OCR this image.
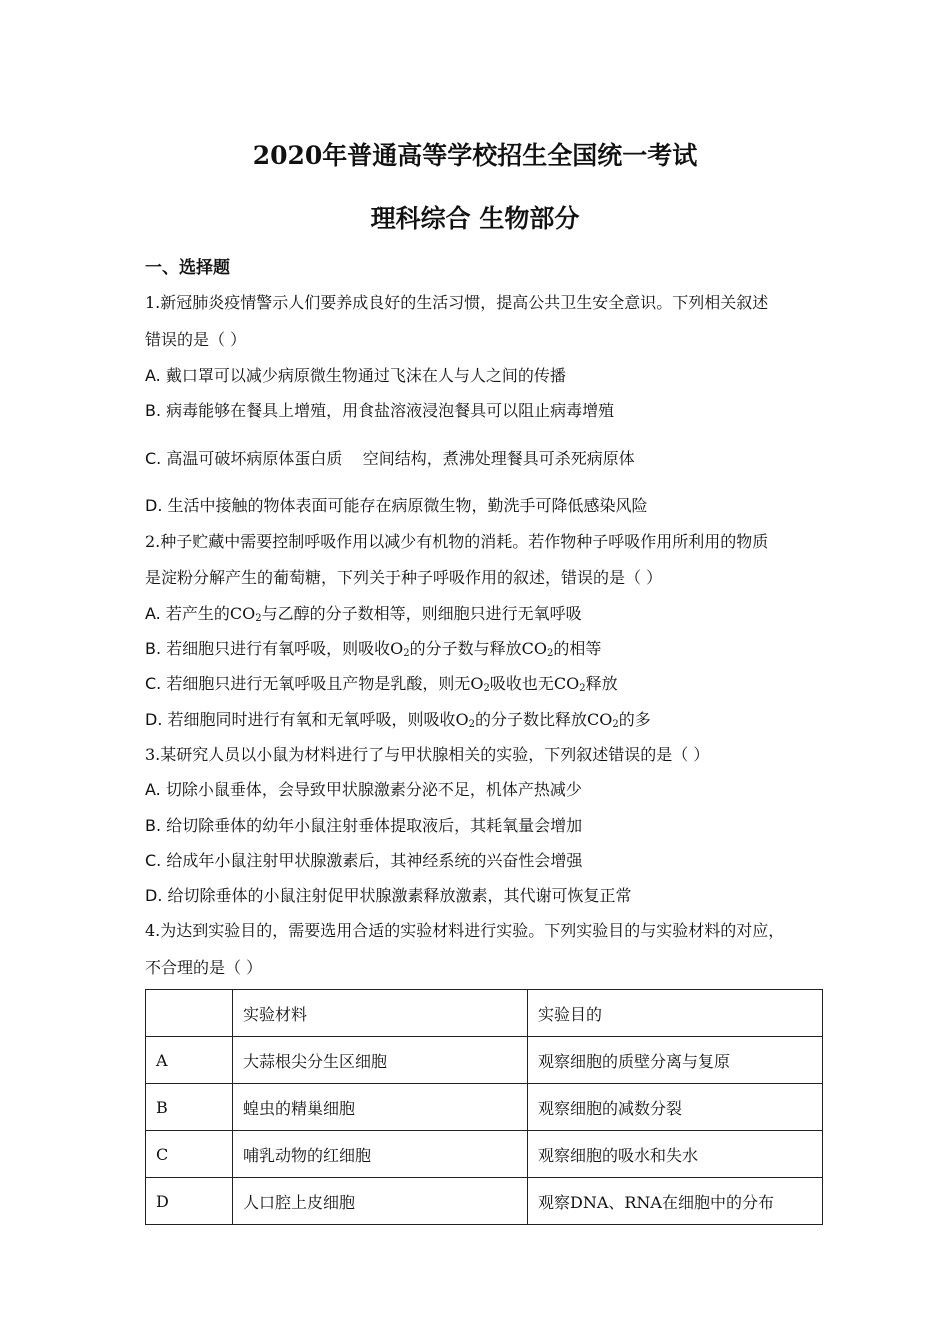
2020年普通高等学校招生全国统一考试
理科综合 生物部分
一、选择题
1.新冠肺炎疫情警示人们要养成良好的生活习惯，提高公共卫生安全意识。下列相关叙述
错误的是（ ）
A. 戴口罩可以减少病原微生物通过飞沫在人与人之间的传播
B. 病毒能够在餐具上增殖，用食盐溶液浸泡餐具可以阻止病毒增殖
C. 高温可破坏病原体蛋白质    空间结构，煮沸处理餐具可杀死病原体
D. 生活中接触的物体表面可能存在病原微生物，勤洗手可降低感染风险
2.种子贮藏中需要控制呼吸作用以减少有机物的消耗。若作物种子呼吸作用所利用的物质
是淀粉分解产生的葡萄糖，下列关于种子呼吸作用的叙述，错误的是（ ）
A. 若产生的$CO_2$与乙醇的分子数相等，则细胞只进行无氧呼吸
B. 若细胞只进行有氧呼吸，则吸收$O_2$的分子数与释放$CO_2$的相等
C. 若细胞只进行无氧呼吸且产物是乳酸，则无$O_2$吸收也无$CO_2$释放
D. 若细胞同时进行有氧和无氧呼吸，则吸收$O_2$的分子数比释放$CO_2$的多
3.某研究人员以小鼠为材料进行了与甲状腺相关的实验，下列叙述错误的是（ ）
A. 切除小鼠垂体，会导致甲状腺激素分泌不足，机体产热减少
B. 给切除垂体的幼年小鼠注射垂体提取液后，其耗氧量会增加
C. 给成年小鼠注射甲状腺激素后，其神经系统的兴奋性会增强
D. 给切除垂体的小鼠注射促甲状腺激素释放激素，其代谢可恢复正常
4.为达到实验目的，需要选用合适的实验材料进行实验。下列实验目的与实验材料的对应，
不合理的是（ ）
	实验材料	实验目的
A	大蒜根尖分生区细胞	观察细胞的质壁分离与复原
B	蝗虫的精巢细胞	观察细胞的减数分裂
C	哺乳动物的红细胞	观察细胞的吸水和失水
D	人口腔上皮细胞	观察DNA、RNA在细胞中的分布
